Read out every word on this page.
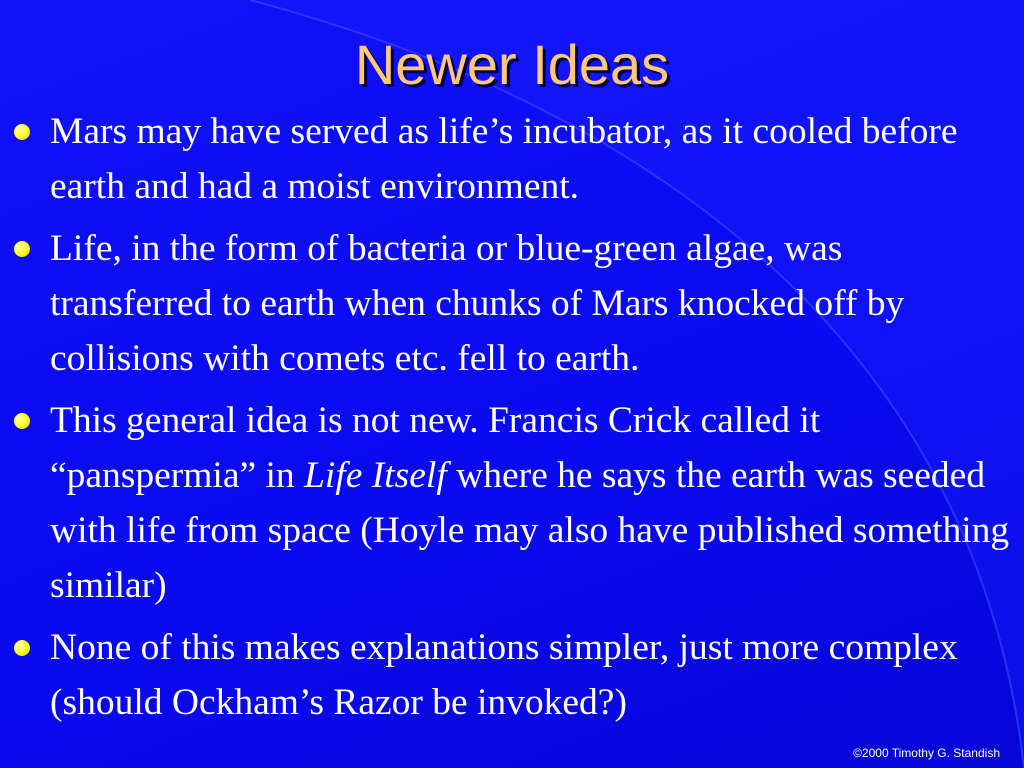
Newer Ideas
Mars may have served as life’s incubator, as it cooled before earth and had a moist environment.
Life, in the form of bacteria or blue-green algae, was transferred to earth when chunks of Mars knocked off by collisions with comets etc. fell to earth.
This general idea is not new. Francis Crick called it “panspermia” in Life Itself where he says the earth was seeded with life from space (Hoyle may also have published something similar)
None of this makes explanations simpler, just more complex (should Ockham’s Razor be invoked?)
©2000 Timothy G. Standish
